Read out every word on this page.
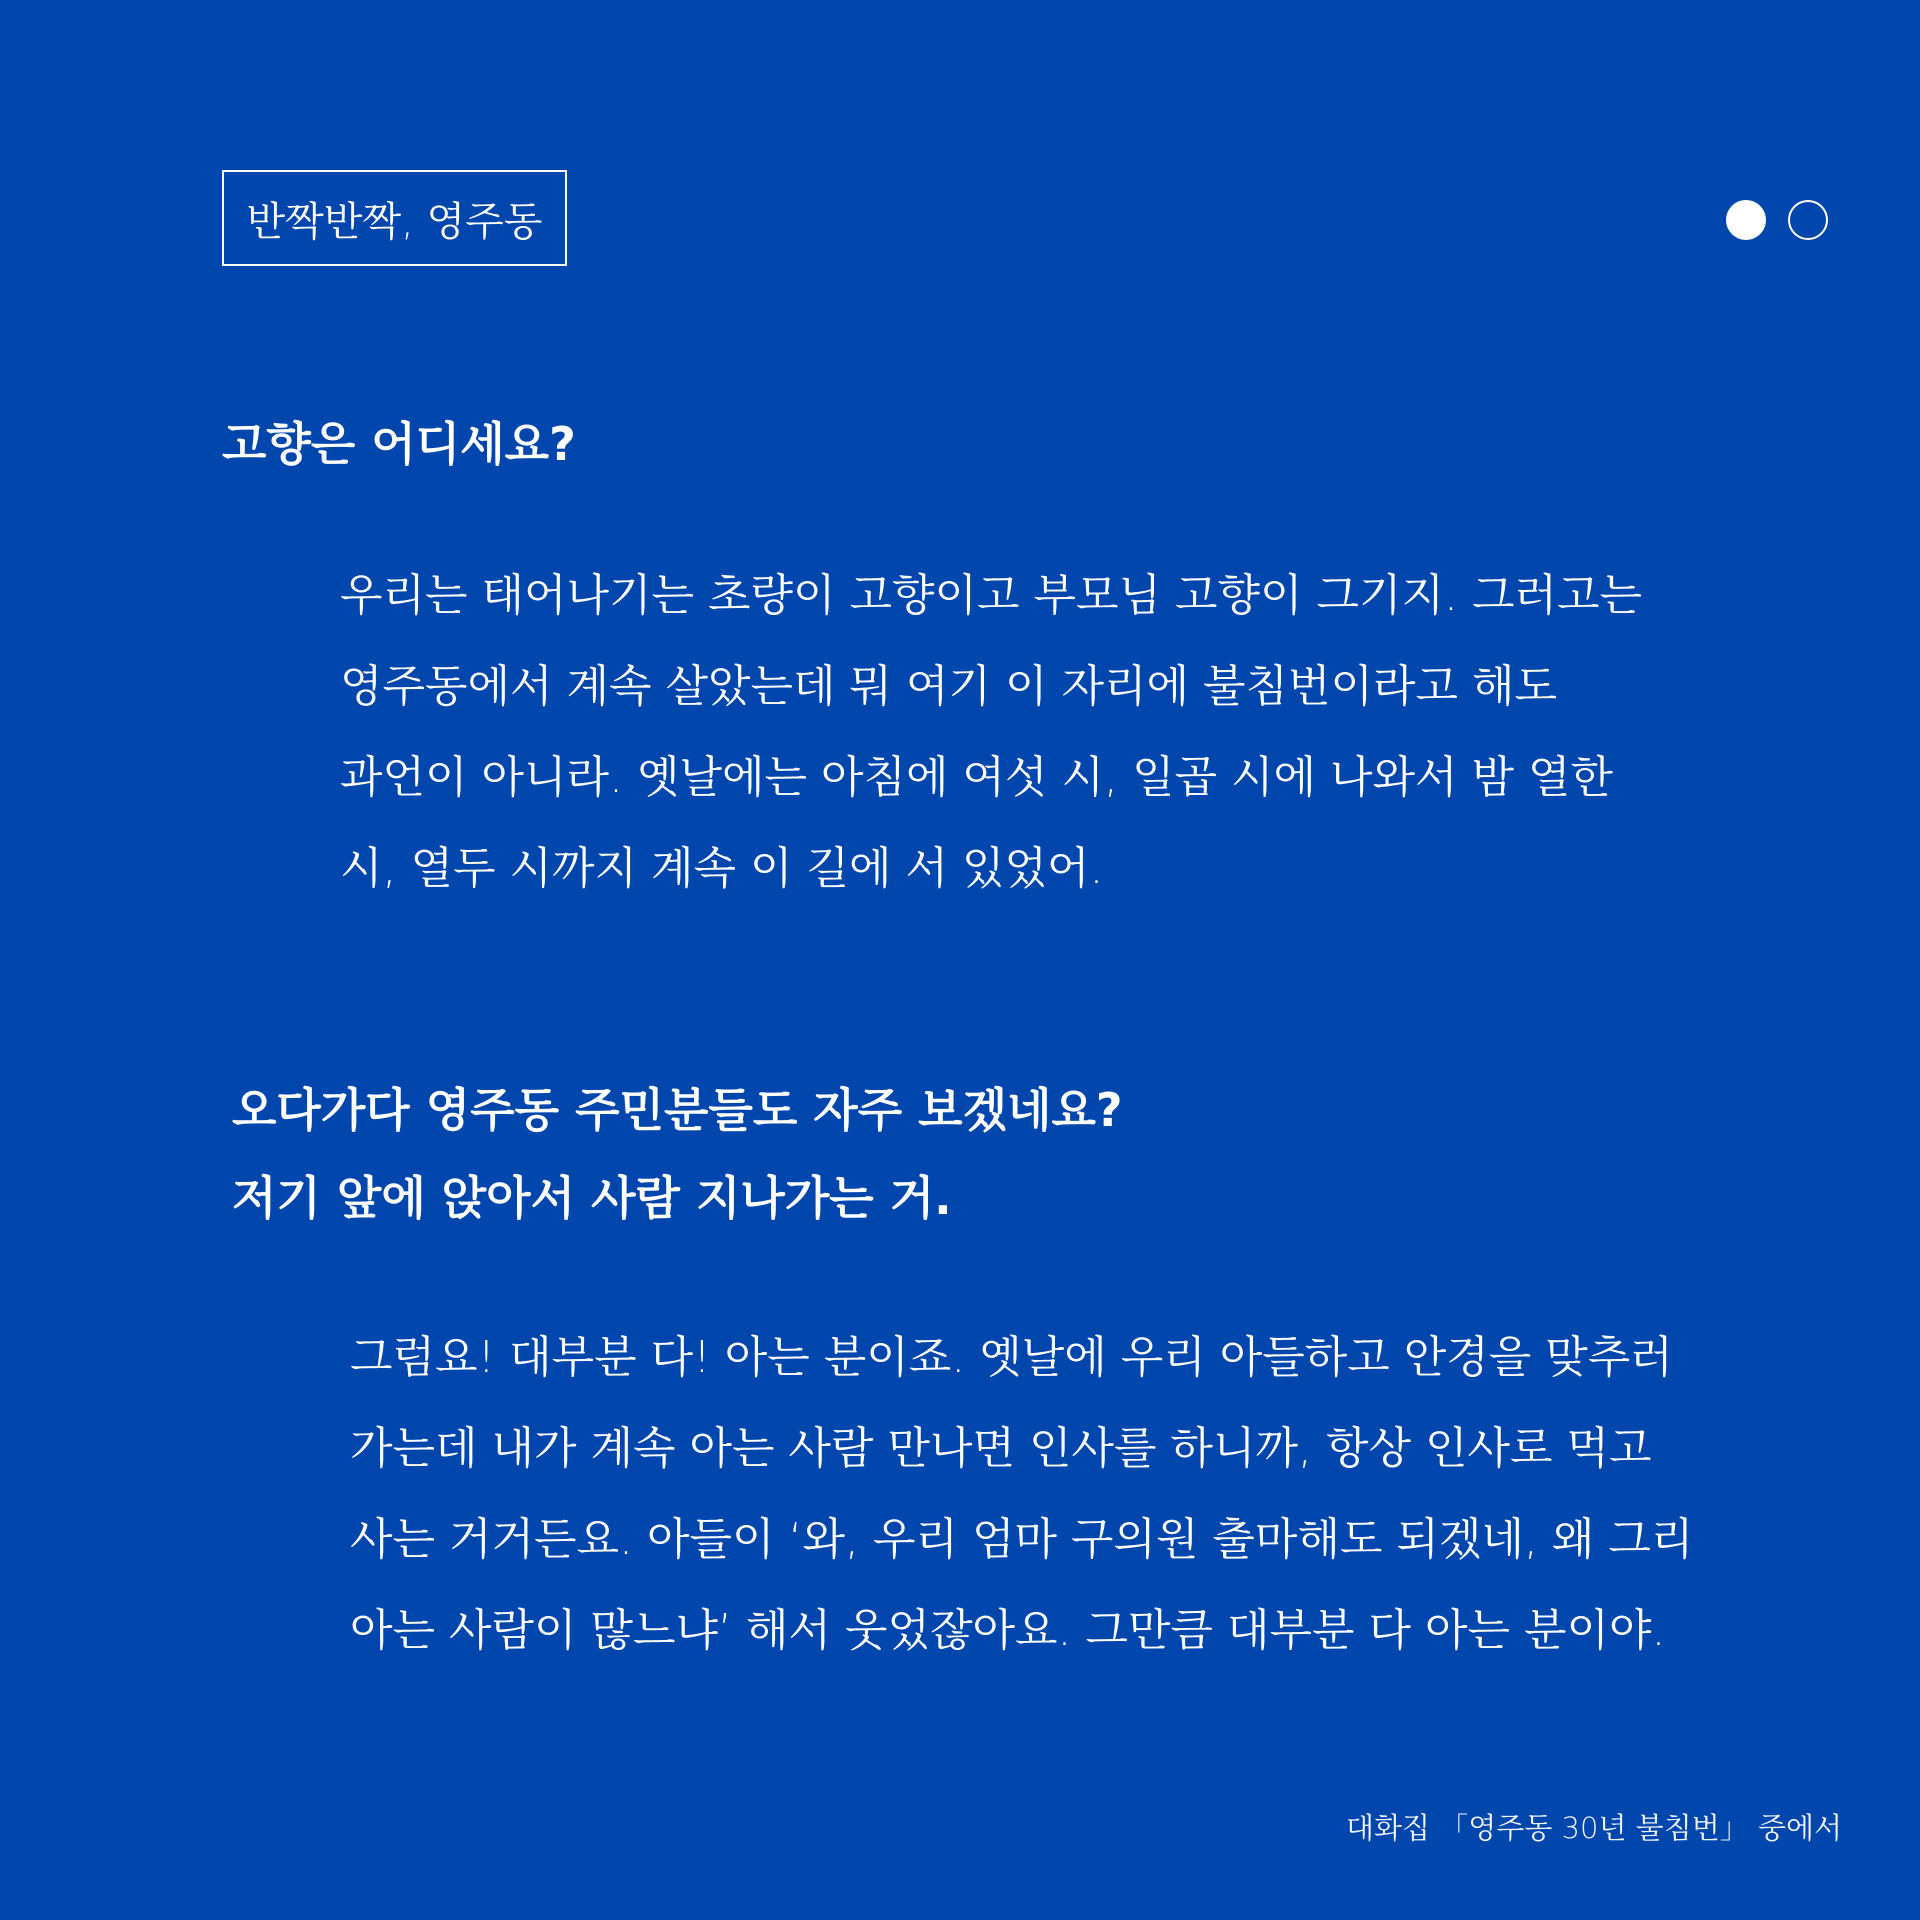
반짝반짝, 영주동
고향은 어디세요?
우리는 태어나기는 초량이 고향이고 부모님 고향이 그기지. 그러고는
영주동에서 계속 살았는데 뭐 여기 이 자리에 불침번이라고 해도
과언이 아니라. 옛날에는 아침에 여섯 시, 일곱 시에 나와서 밤 열한
시, 열두 시까지 계속 이 길에 서 있었어.
오다가다 영주동 주민분들도 자주 보겠네요?
저기 앞에 앉아서 사람 지나가는 거.
그럼요! 대부분 다! 아는 분이죠. 옛날에 우리 아들하고 안경을 맞추러
가는데 내가 계속 아는 사람 만나면 인사를 하니까, 항상 인사로 먹고
사는 거거든요. 아들이 ‘와, 우리 엄마 구의원 출마해도 되겠네, 왜 그리
아는 사람이 많느냐’ 해서 웃었잖아요. 그만큼 대부분 다 아는 분이야.
대화집 「영주동 30년 불침번」 중에서
